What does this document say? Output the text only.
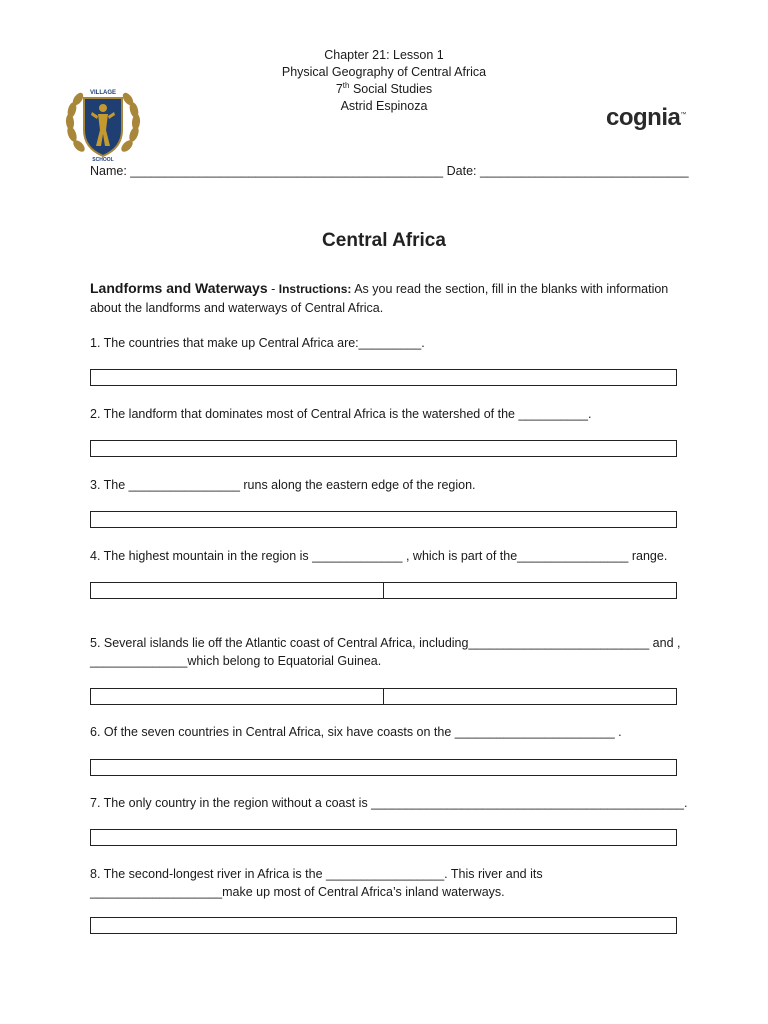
Chapter 21: Lesson 1
Physical Geography of Central Africa
7th Social Studies
Astrid Espinoza
VILLAGE
SCHOOL
cognia™
Name: _____________________________________________ Date: ______________________________
Central Africa
Landforms and Waterways - Instructions: As you read the section, fill in the blanks with information about the landforms and waterways of Central Africa.
1. The countries that make up Central Africa are:_________.
2. The landform that dominates most of Central Africa is the watershed of the __________.
3. The ________________ runs along the eastern edge of the region.
4. The highest mountain in the region is _____________ , which is part of the________________ range.
5. Several islands lie off the Atlantic coast of Central Africa, including__________________________ and , ______________which belong to Equatorial Guinea.
6. Of the seven countries in Central Africa, six have coasts on the _______________________ .
7. The only country in the region without a coast is _____________________________________________.
8. The second-longest river in Africa is the _________________. This river and its ___________________make up most of Central Africa’s inland waterways.
